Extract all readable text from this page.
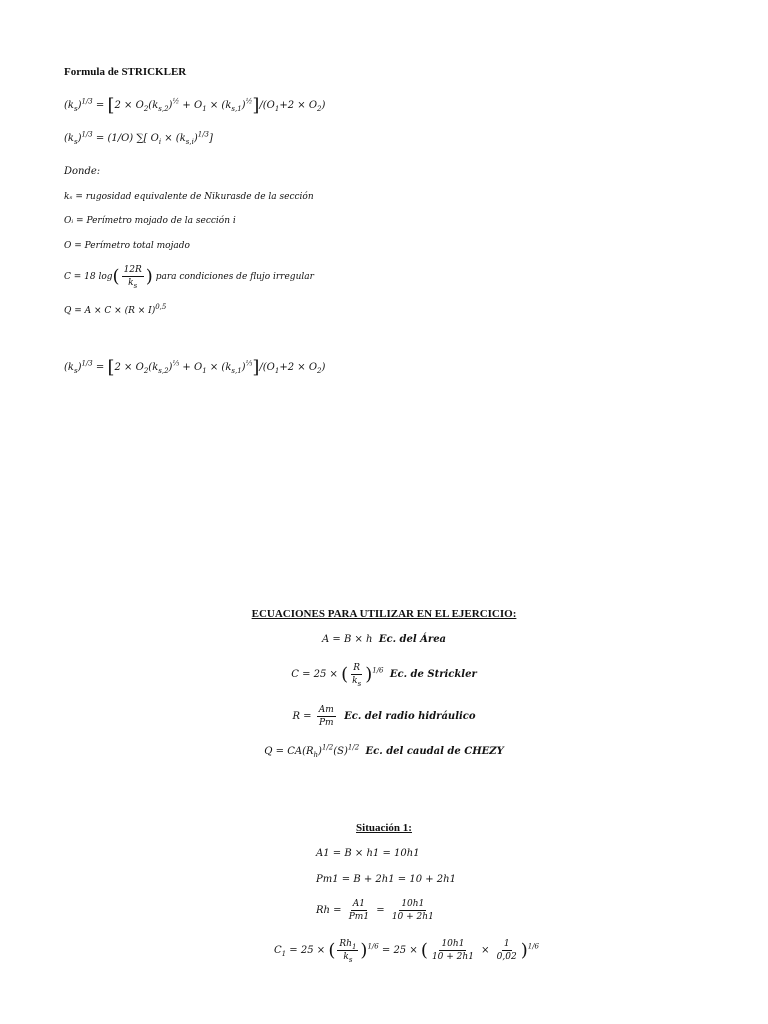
Formula de STRICKLER
$(k_s)^{1/3} = [2 \times O_2(k_{s,2})^{\frac{1}{2}} + O_1 \times (k_{s,1})^{\frac{1}{2}}]/(O_1+2 \times O_2)$
$(k_s)^{1/3} = (1/O)$ ∑[ $O_i \times (k_{s,i})^{1/3}$]
Donde:
kₛ = rugosidad equivalente de Nikurasde de la sección
Oᵢ = Perímetro mojado de la sección i
O = Perímetro total mojado
C = 18 $\log( \frac{12R}{k_s}$ ) para condiciones de flujo irregular
$Q = A \times C \times (R \times I)^{0,5}$
$(k_s)^{1/3} = [2 \times O_2(k_{s,2})^{\frac{1}{3}} + O_1 \times (k_{s,1})^{\frac{1}{3}}]/(O_1+2 \times O_2)$
ECUACIONES PARA UTILIZAR EN EL EJERCICIO:
A = B × h Ec. del Área
C = 25 × ( $\frac{R}{k_s} )^{1/6}$ Ec. de Strickler
$R = \frac{Am}{Pm} Ec$. del radio hidráulico
$Q = CA(R_h)^{1/2}(S)^{1/2}$ Ec. del caudal de CHEZY
Situación 1:
A1 = B × h1 = 10h1
Pm1 = B + 2h1 = 10 + 2h1
$Rh = \frac{A1}{Pm1} = \frac{10h1}{10 + 2h1}$
$C_1 = 25$ × ( $\frac{Rh_1}{k_s} )^{1/6} = 25$ × ( $\frac{10h1}{10 + 2h1} \times \frac{1}{0,02} )^{1/6}$
